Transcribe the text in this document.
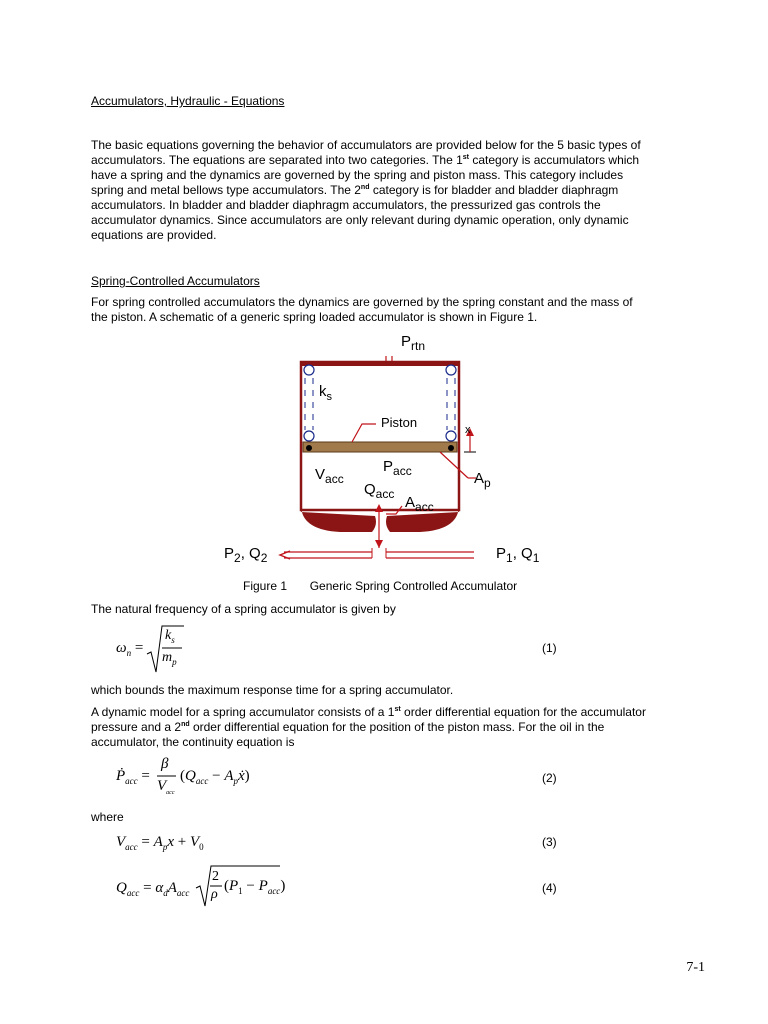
Accumulators, Hydraulic - Equations
The basic equations governing the behavior of accumulators are provided below for the 5 basic types of
accumulators. The equations are separated into two categories. The 1st category is accumulators which
have a spring and the dynamics are governed by the spring and piston mass. This category includes
spring and metal bellows type accumulators. The 2nd category is for bladder and bladder diaphragm
accumulators. In bladder and bladder diaphragm accumulators, the pressurized gas controls the
accumulator dynamics. Since accumulators are only relevant during dynamic operation, only dynamic
equations are provided.
Spring-Controlled Accumulators
For spring controlled accumulators the dynamics are governed by the spring constant and the mass of
the piston. A schematic of a generic spring loaded accumulator is shown in Figure 1.
$P_{rtn}$
$k_s$
Piston	x
$V_{acc}$
$P_{acc}$
$Q_{acc}$ $A_{acc}$
$A_p$
$P_2$, $Q_2$	$P_1$, $Q_1$
Figure 1 Generic Spring Controlled Accumulator
The natural frequency of a spring accumulator is given by
$\omega_n$ =
$k_s$
$m_p$
(1)
which bounds the maximum response time for a spring accumulator.
A dynamic model for a spring accumulator consists of a 1st order differential equation for the accumulator
pressure and a 2nd order differential equation for the position of the piston mass. For the oil in the
accumulator, the continuity equation is
Ṗ$_{acc}$ =
β
$V_{acc}$
($Q_{acc}$ − $A_pẋ$)	(2)
where
$V_{acc} = A_px + V_0$	(3)
$Q_{acc} = \alpha_dA_{acc}$
2
ρ
$(P_1 - P_{acc})$	(4)
7-1
